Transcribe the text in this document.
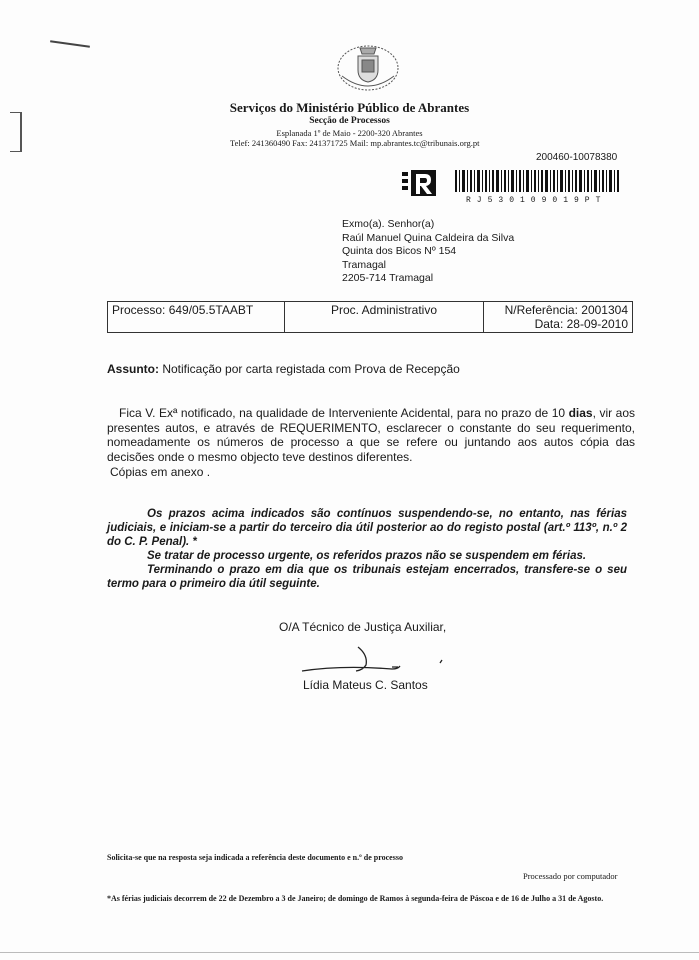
Serviços do Ministério Público de Abrantes
Secção de Processos
Esplanada 1º de Maio - 2200-320 Abrantes
Telef: 241360490 Fax: 241371725 Mail: mp.abrantes.tc@tribunais.org.pt
200460-10078380
RJ530109019PT
Exmo(a). Senhor(a)
Raúl Manuel Quina Caldeira da Silva
Quinta dos Bicos Nº 154
Tramagal
2205-714 Tramagal
Processo: 649/05.5TAABT	Proc. Administrativo	N/Referência: 2001304
Data: 28-09-2010
Assunto: Notificação por carta registada com Prova de Recepção

Fica V. Exª notificado, na qualidade de Interveniente Acidental, para no prazo de 10 dias, vir aos presentes autos, e através de REQUERIMENTO, esclarecer o constante do seu requerimento, nomeadamente os números de processo a que se refere ou juntando aos autos cópia das decisões onde o mesmo objecto teve destinos diferentes.

Cópias em anexo .

Os prazos acima indicados são contínuos suspendendo-se, no entanto, nas férias judiciais, e iniciam-se a partir do terceiro dia útil posterior ao do registo postal (art.º 113º, n.º 2 do C. P. Penal). *

Se tratar de processo urgente, os referidos prazos não se suspendem em férias.

Terminando o prazo em dia que os tribunais estejam encerrados, transfere-se o seu termo para o primeiro dia útil seguinte.

O/A Técnico de Justiça Auxiliar,
Lídia Mateus C. Santos
Solicita-se que na resposta seja indicada a referência deste documento e n.º de processo
Processado por computador
*As férias judiciais decorrem de 22 de Dezembro a 3 de Janeiro; de domingo de Ramos à segunda-feira de Páscoa e de 16 de Julho a 31 de Agosto.
